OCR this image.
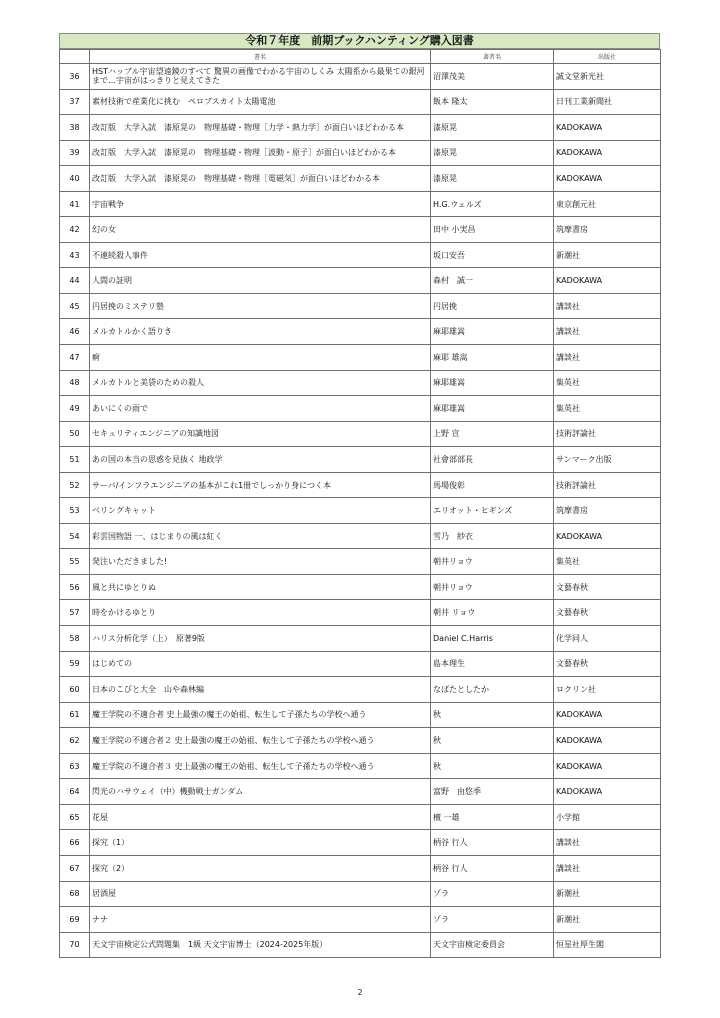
令和７年度　前期ブックハンティング購入図書
	書名	著者名	出版社
36	HSTハッブル宇宙望遠鏡のすべて 驚異の画像でわかる宇宙のしくみ 太陽系から最果ての銀河まで…宇宙がはっきりと見えてきた	沼澤茂美	誠文堂新光社
37	素材技術で産業化に挑む　ペロブスカイト太陽電池	飯本 隆太	日刊工業新聞社
38	改訂版　大学入試　漆原晃の　物理基礎・物理［力学・熱力学］が面白いほどわかる本	漆原晃	KADOKAWA
39	改訂版　大学入試　漆原晃の　物理基礎・物理［波動・原子］が面白いほどわかる本	漆原晃	KADOKAWA
40	改訂版　大学入試　漆原晃の　物理基礎・物理［電磁気］が面白いほどわかる本	漆原晃	KADOKAWA
41	宇宙戦争	H.G.ウェルズ	東京創元社
42	幻の女	田中 小実昌	筑摩書房
43	不連続殺人事件	坂口安吾	新潮社
44	人間の証明	森村　誠一	KADOKAWA
45	円居挽のミステリ塾	円居挽	講談社
46	メルカトルかく語りき	麻耶雄嵩	講談社
47	痾	麻耶 雄嵩	講談社
48	メルカトルと美袋のための殺人	麻耶雄嵩	集英社
49	あいにくの雨で	麻耶雄嵩	集英社
50	セキュリティエンジニアの知識地図	上野 宣	技術評論社
51	あの国の本当の思惑を見抜く 地政学	社會部部長	サンマーク出版
52	サーバ/インフラエンジニアの基本がこれ1冊でしっかり身につく本	馬場俊彰	技術評論社
53	ベリングキャット	エリオット・ヒギンズ	筑摩書房
54	彩雲国物語 一、はじまりの風は紅く	雪乃　紗衣	KADOKAWA
55	発注いただきました!	朝井リョウ	集英社
56	風と共にゆとりぬ	朝井リョウ	文藝春秋
57	時をかけるゆとり	朝井 リョウ	文藝春秋
58	ハリス分析化学（上）　原著9版	Daniel C.Harris	化学同人
59	はじめての	島本理生	文藝春秋
60	日本のこびと大全　山や森林編	なばたとしたか	ロクリン社
61	魔王学院の不適合者 史上最強の魔王の始祖、転生して子孫たちの学校へ通う	秋	KADOKAWA
62	魔王学院の不適合者２ 史上最強の魔王の始祖、転生して子孫たちの学校へ通う	秋	KADOKAWA
63	魔王学院の不適合者３ 史上最強の魔王の始祖、転生して子孫たちの学校へ通う	秋	KADOKAWA
64	閃光のハサウェイ（中）機動戦士ガンダム	富野　由悠季	KADOKAWA
65	花屋	檀 一雄	小学館
66	探究（1）	柄谷 行人	講談社
67	探究（2）	柄谷 行人	講談社
68	居酒屋	ゾラ	新潮社
69	ナナ	ゾラ	新潮社
70	天文宇宙検定公式問題集　1級 天文宇宙博士（2024-2025年版）	天文宇宙検定委員会	恒星社厚生閣
2
